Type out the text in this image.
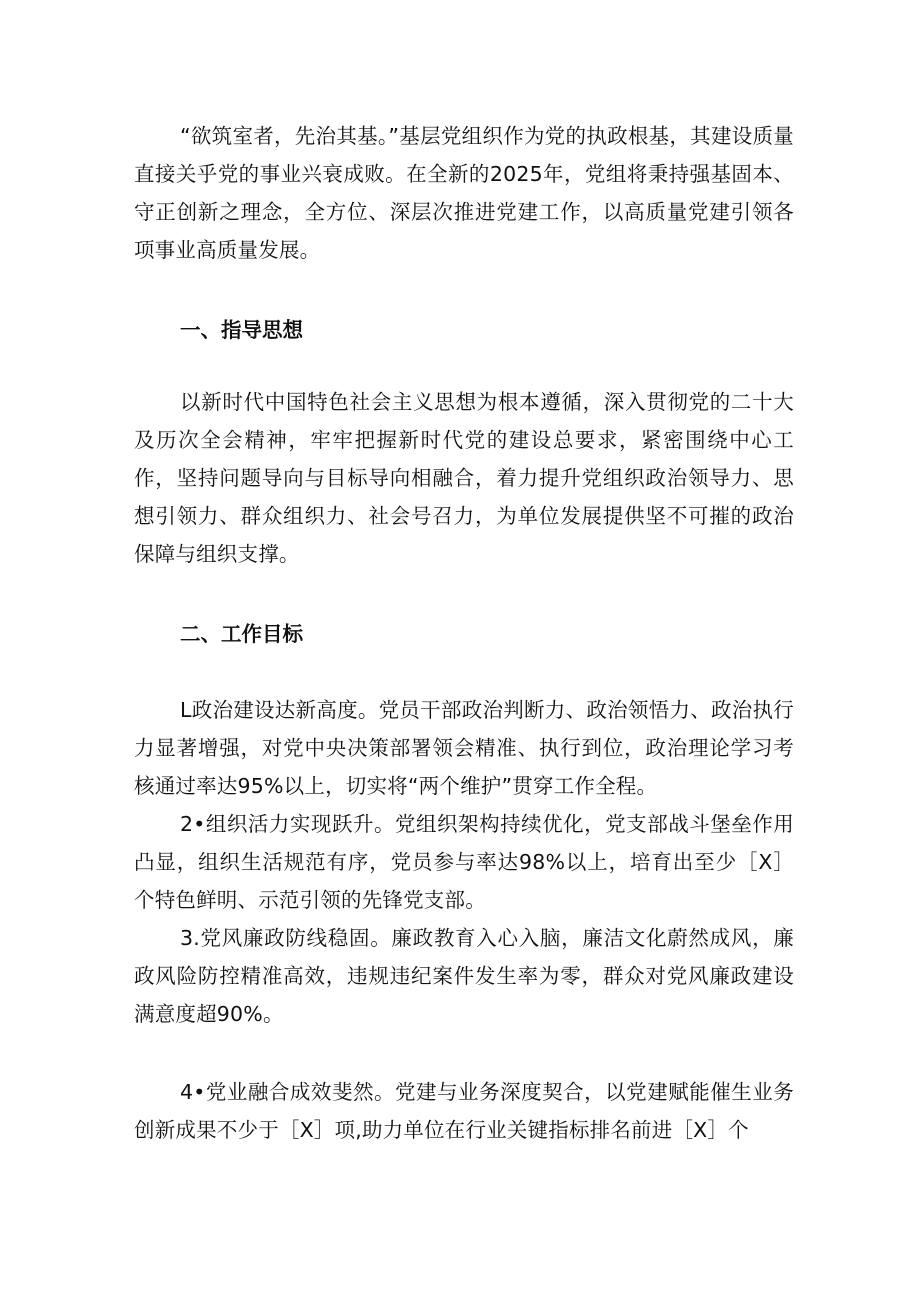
“欲筑室者，先治其基。”基层党组织作为党的执政根基，其建设质量直接关乎党的事业兴衰成败。在全新的2025年，党组将秉持强基固本、守正创新之理念，全方位、深层次推进党建工作，以高质量党建引领各项事业高质量发展。

一、指导思想

以新时代中国特色社会主义思想为根本遵循，深入贯彻党的二十大及历次全会精神，牢牢把握新时代党的建设总要求，紧密围绕中心工作，坚持问题导向与目标导向相融合，着力提升党组织政治领导力、思想引领力、群众组织力、社会号召力，为单位发展提供坚不可摧的政治保障与组织支撑。

二、工作目标

L政治建设达新高度。党员干部政治判断力、政治领悟力、政治执行力显著增强，对党中央决策部署领会精准、执行到位，政治理论学习考核通过率达95%以上，切实将“两个维护”贯穿工作全程。

2•组织活力实现跃升。党组织架构持续优化，党支部战斗堡垒作用凸显，组织生活规范有序，党员参与率达98%以上，培育出至少［X］个特色鲜明、示范引领的先锋党支部。

3.党风廉政防线稳固。廉政教育入心入脑，廉洁文化蔚然成风，廉政风险防控精准高效，违规违纪案件发生率为零，群众对党风廉政建设满意度超90%。

4•党业融合成效斐然。党建与业务深度契合，以党建赋能催生业务创新成果不少于［X］项,助力单位在行业关键指标排名前进［X］个
